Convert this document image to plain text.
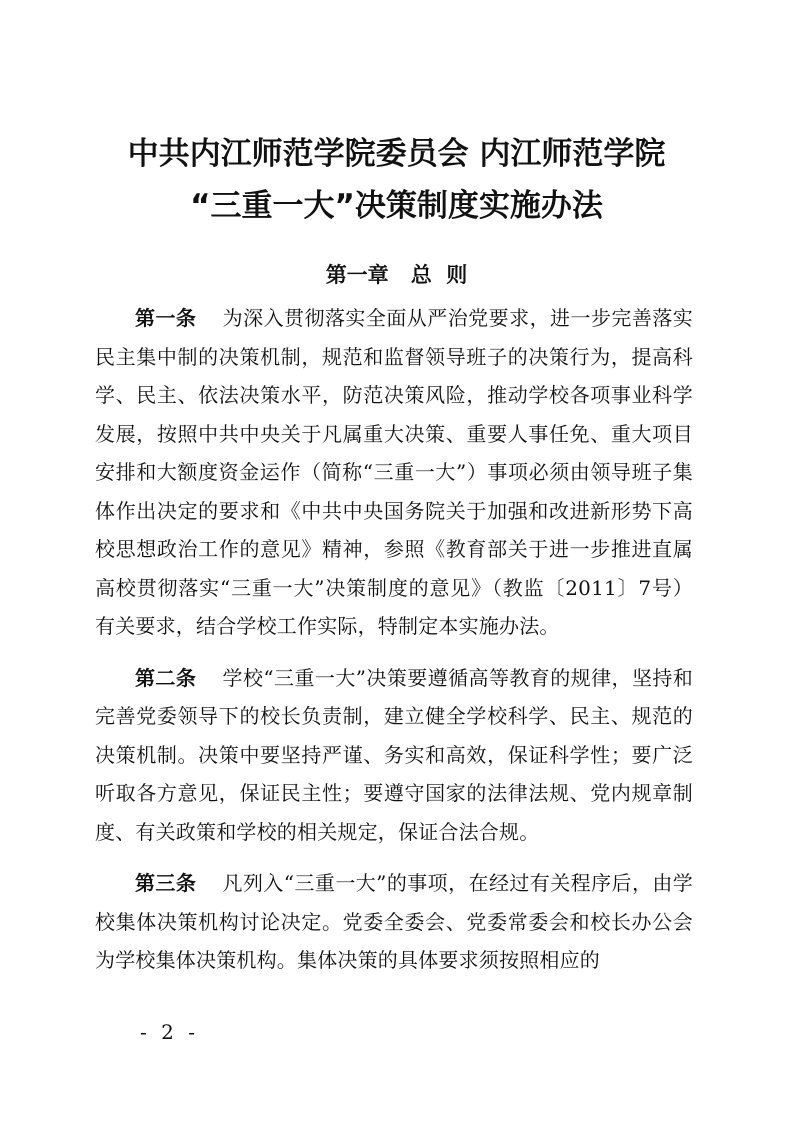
中共内江师范学院委员会 内江师范学院
“三重一大”决策制度实施办法
第一章 总  则

第一条 为深入贯彻落实全面从严治党要求，进一步完善落实民主集中制的决策机制，规范和监督领导班子的决策行为，提高科学、民主、依法决策水平，防范决策风险，推动学校各项事业科学发展，按照中共中央关于凡属重大决策、重要人事任免、重大项目安排和大额度资金运作（简称“三重一大”）事项必须由领导班子集体作出决定的要求和《中共中央国务院关于加强和改进新形势下高校思想政治工作的意见》精神，参照《教育部关于进一步推进直属高校贯彻落实“三重一大”决策制度的意见》（教监〔2011〕7号）有关要求，结合学校工作实际，特制定本实施办法。

第二条 学校“三重一大”决策要遵循高等教育的规律，坚持和完善党委领导下的校长负责制，建立健全学校科学、民主、规范的决策机制。决策中要坚持严谨、务实和高效，保证科学性；要广泛听取各方意见，保证民主性；要遵守国家的法律法规、党内规章制度、有关政策和学校的相关规定，保证合法合规。

第三条 凡列入“三重一大”的事项，在经过有关程序后，由学校集体决策机构讨论决定。党委全委会、党委常委会和校长办公会为学校集体决策机构。集体决策的具体要求须按照相应的

- 2 -
